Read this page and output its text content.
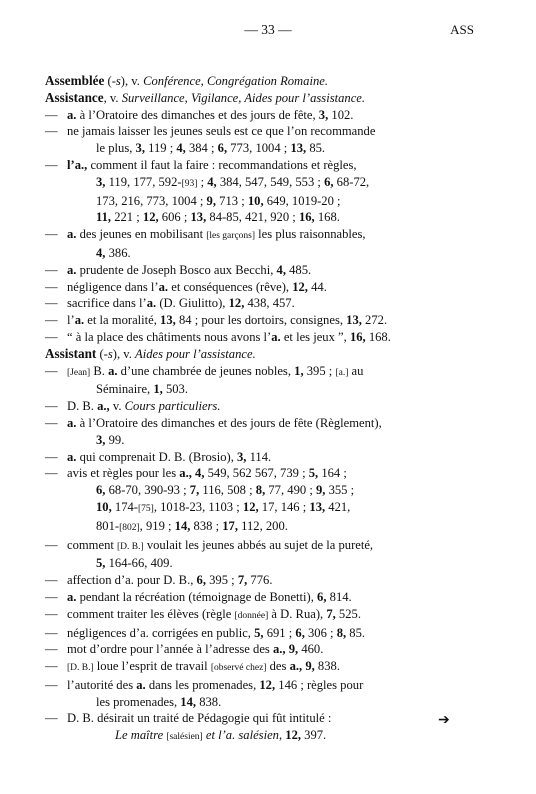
— 33 —	ASS
Assemblée (-s), v. Conférence, Congrégation Romaine.
Assistance, v. Surveillance, Vigilance, Aides pour l’assistance.
— a. à l’Oratoire des dimanches et des jours de fête, 3, 102.
— ne jamais laisser les jeunes seuls est ce que l’on recommande
le plus, 3, 119 ; 4, 384 ; 6, 773, 1004 ; 13, 85.
— l’a., comment il faut la faire : recommandations et règles,
3, 119, 177, 592-[93] ; 4, 384, 547, 549, 553 ; 6, 68-72,
173, 216, 773, 1004 ; 9, 713 ; 10, 649, 1019-20 ;
11, 221 ; 12, 606 ; 13, 84-85, 421, 920 ; 16, 168.
— a. des jeunes en mobilisant [les garçons] les plus raisonnables,
4, 386.
— a. prudente de Joseph Bosco aux Becchi, 4, 485.
— négligence dans l’a. et conséquences (rêve), 12, 44.
— sacrifice dans l’a. (D. Giulitto), 12, 438, 457.
— l’a. et la moralité, 13, 84 ; pour les dortoirs, consignes, 13, 272.
— “ à la place des châtiments nous avons l’a. et les jeux ”, 16, 168.
Assistant (-s), v. Aides pour l’assistance.
— [Jean] B. a. d’une chambrée de jeunes nobles, 1, 395 ; [a.] au
Séminaire, 1, 503.
— D. B. a., v. Cours particuliers.
— a. à l’Oratoire des dimanches et des jours de fête (Règlement),
3, 99.
— a. qui comprenait D. B. (Brosio), 3, 114.
— avis et règles pour les a., 4, 549, 562 567, 739 ; 5, 164 ;
6, 68-70, 390-93 ; 7, 116, 508 ; 8, 77, 490 ; 9, 355 ;
10, 174-[75], 1018-23, 1103 ; 12, 17, 146 ; 13, 421,
801-[802], 919 ; 14, 838 ; 17, 112, 200.
— comment [D. B.] voulait les jeunes abbés au sujet de la pureté,
5, 164-66, 409.
— affection d’a. pour D. B., 6, 395 ; 7, 776.
— a. pendant la récréation (témoignage de Bonetti), 6, 814.
— comment traiter les élèves (règle [donnée] à D. Rua), 7, 525.
— négligences d’a. corrigées en public, 5, 691 ; 6, 306 ; 8, 85.
— mot d’ordre pour l’année à l’adresse des a., 9, 460.
— [D. B.] loue l’esprit de travail [observé chez] des a., 9, 838.
— l’autorité des a. dans les promenades, 12, 146 ; règles pour
les promenades, 14, 838.
— D. B. désirait un traité de Pédagogie qui fût intitulé :
Le maître [salésien] et l’a. salésien, 12, 397.
➔
